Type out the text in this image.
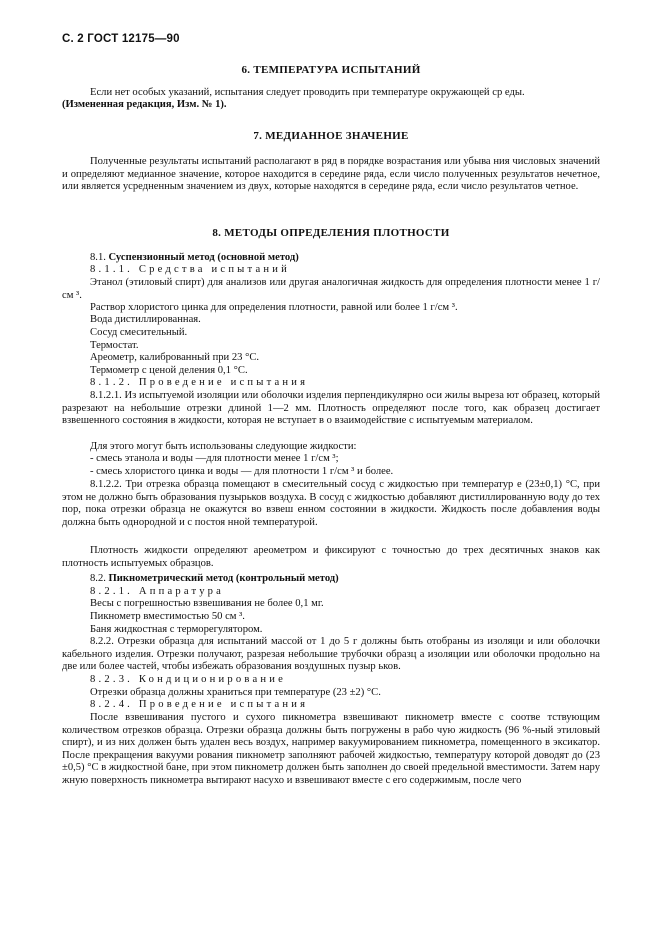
С. 2 ГОСТ 12175—90
6. ТЕМПЕРАТУРА ИСПЫТАНИЙ

Если нет особых указаний, испытания следует проводить при температуре окружающей ср еды.

(Измененная редакция, Изм. № 1).

7. МЕДИАННОЕ ЗНАЧЕНИЕ

Полученные результаты испытаний располагают в ряд в порядке возрастания или убыва ния числовых значений и определяют медианное значение, которое находится в середине ряда, если число полученных результатов нечетное, или является усредненным значением из двух, которые находятся в середине ряда, если число результатов четное.

8. МЕТОДЫ ОПРЕДЕЛЕНИЯ ПЛОТНОСТИ

8.1. Суспензионный метод (основной метод)

8.1.1. Средства испытаний

Этанол (этиловый спирт) для анализов или другая аналогичная жидкость для определения плотности менее 1 г/см ³.

Раствор хлористого цинка для определения плотности, равной или более 1 г/см ³.

Вода дистиллированная.

Сосуд смесительный.

Термостат.

Ареометр, калиброванный при 23 °С.

Термометр с ценой деления 0,1 °С.

8.1.2. Проведение испытания

8.1.2.1. Из испытуемой изоляции или оболочки изделия перпендикулярно оси жилы выреза ют образец, который разрезают на небольшие отрезки длиной 1—2 мм. Плотность определяют после того, как образец достигает взвешенного состояния в жидкости, которая не вступает в о взаимодействие с испытуемым материалом.

Для этого могут быть использованы следующие жидкости:

- смесь этанола и воды —для плотности менее 1 г/см ³;

- смесь хлористого цинка и воды — для плотности 1 г/см ³ и более.

8.1.2.2. Три отрезка образца помещают в смесительный сосуд с жидкостью при температур е (23±0,1) °С, при этом не должно быть образования пузырьков воздуха. В сосуд с жидкостью добавляют дистиллированную воду до тех пор, пока отрезки образца не окажутся во взвеш енном состоянии в жидкости. Жидкость после добавления воды должна быть однородной и с постоя нной температурой.

Плотность жидкости определяют ареометром и фиксируют с точностью до трех десятичных знаков как плотность испытуемых образцов.

8.2. Пикнометрический метод (контрольный метод)

8.2.1. Аппаратура

Весы с погрешностью взвешивания не более 0,1 мг.

Пикнометр вместимостью 50 см ³.

Баня жидкостная с терморегулятором.

8.2.2. Отрезки образца для испытаний массой от 1 до 5 г должны быть отобраны из изоляци и или оболочки кабельного изделия. Отрезки получают, разрезая небольшие трубочки образц а изоляции или оболочки продольно на две или более частей, чтобы избежать образования воздушных пузыр ьков.

8.2.3. Кондиционирование

Отрезки образца должны храниться при температуре (23 ±2) °С.

8.2.4. Проведение испытания

После взвешивания пустого и сухого пикнометра взвешивают пикнометр вместе с соотве тствующим количеством отрезков образца. Отрезки образца должны быть погружены в рабо чую жидкость (96 %-ный этиловый спирт), и из них должен быть удален весь воздух, например вакуумированием пикнометра, помещенного в эксикатор. После прекращения вакууми рования пикнометр заполняют рабочей жидкостью, температуру которой доводят до (23 ±0,5) °С в жидкостной бане, при этом пикнометр должен быть заполнен до своей предельной вместимости. Затем нару жную поверхность пикнометра вытирают насухо и взвешивают вместе с его содержимым, после чего
